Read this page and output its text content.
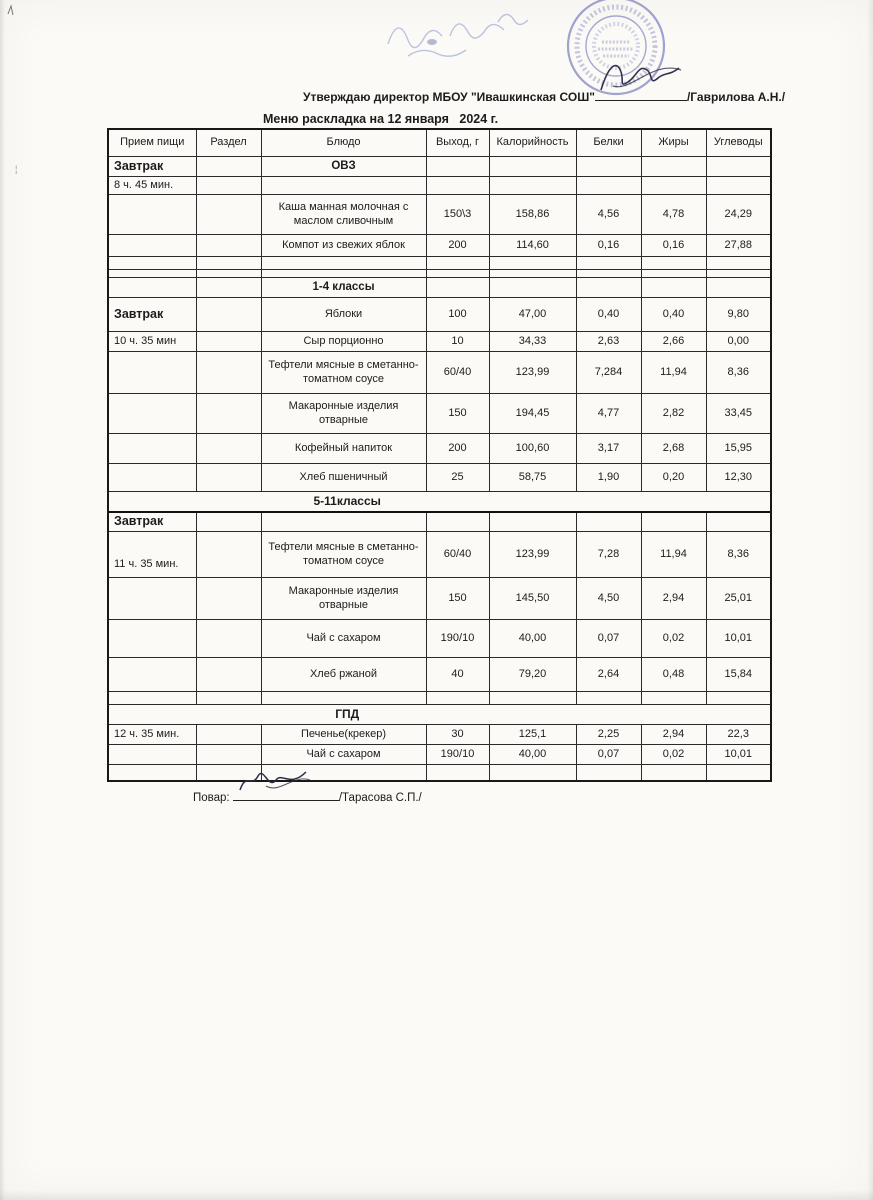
¦
Утверждаю директор МБОУ "Ивашкинская СОШ"	/Гаврилова А.Н./
Меню раскладка на 12 января   2024 г.
Прием пищи	Раздел	Блюдо	Выход, г	Калорийность	Белки	Жиры	Углеводы
Завтрак		ОВЗ					
8 ч. 45 мин.							
		Каша манная молочная с маслом сливочным	150\3	158,86	4,56	4,78	24,29
		Компот из свежих яблок	200	114,60	0,16	0,16	27,88

		1-4 классы					
Завтрак		Яблоки	100	47,00	0,40	0,40	9,80
10 ч. 35 мин		Сыр порционно	10	34,33	2,63	2,66	0,00
		Тефтели мясные в сметанно-томатном соусе	60/40	123,99	7,284	11,94	8,36
		Макаронные изделия отварные	150	194,45	4,77	2,82	33,45
		Кофейный напиток	200	100,60	3,17	2,68	15,95
		Хлеб пшеничный	25	58,75	1,90	0,20	12,30

5-11классы							

Завтрак							
11 ч. 35 мин.		Тефтели мясные в сметанно-томатном соусе	60/40	123,99	7,28	11,94	8,36
		Макаронные изделия отварные	150	145,50	4,50	2,94	25,01
		Чай с сахаром	190/10	40,00	0,07	0,02	10,01
		Хлеб ржаной	40	79,20	2,64	0,48	15,84

ГПД							

12 ч. 35 мин.		Печенье(крекер)	30	125,1	2,25	2,94	22,3
		Чай с сахаром	190/10	40,00	0,07	0,02	10,01

Повар:	/Тарасова С.П./
